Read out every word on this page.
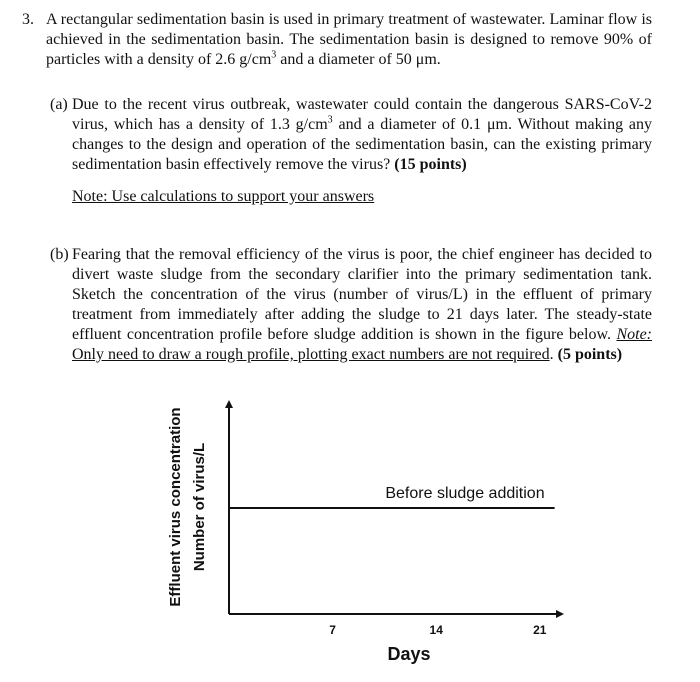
3. A rectangular sedimentation basin is used in primary treatment of wastewater. Laminar flow is achieved in the sedimentation basin. The sedimentation basin is designed to remove 90% of particles with a density of 2.6 $g/cm^3$ and a diameter of 50 μm.
(a) Due to the recent virus outbreak, wastewater could contain the dangerous SARS-CoV-2 virus, which has a density of 1.3 $g/cm^3$ and a diameter of 0.1 μm. Without making any changes to the design and operation of the sedimentation basin, can the existing primary sedimentation basin effectively remove the virus? (15 points)
Note: Use calculations to support your answers
(b) Fearing that the removal efficiency of the virus is poor, the chief engineer has decided to divert waste sludge from the secondary clarifier into the primary sedimentation tank. Sketch the concentration of the virus (number of virus/L) in the effluent of primary treatment from immediately after adding the sludge to 21 days later. The steady-state effluent concentration profile before sludge addition is shown in the figure below. Note: Only need to draw a rough profile, plotting exact numbers are not required. (5 points)
Effluent virus concentration Number of virus/L
7	14	21
Before sludge addition
Days
